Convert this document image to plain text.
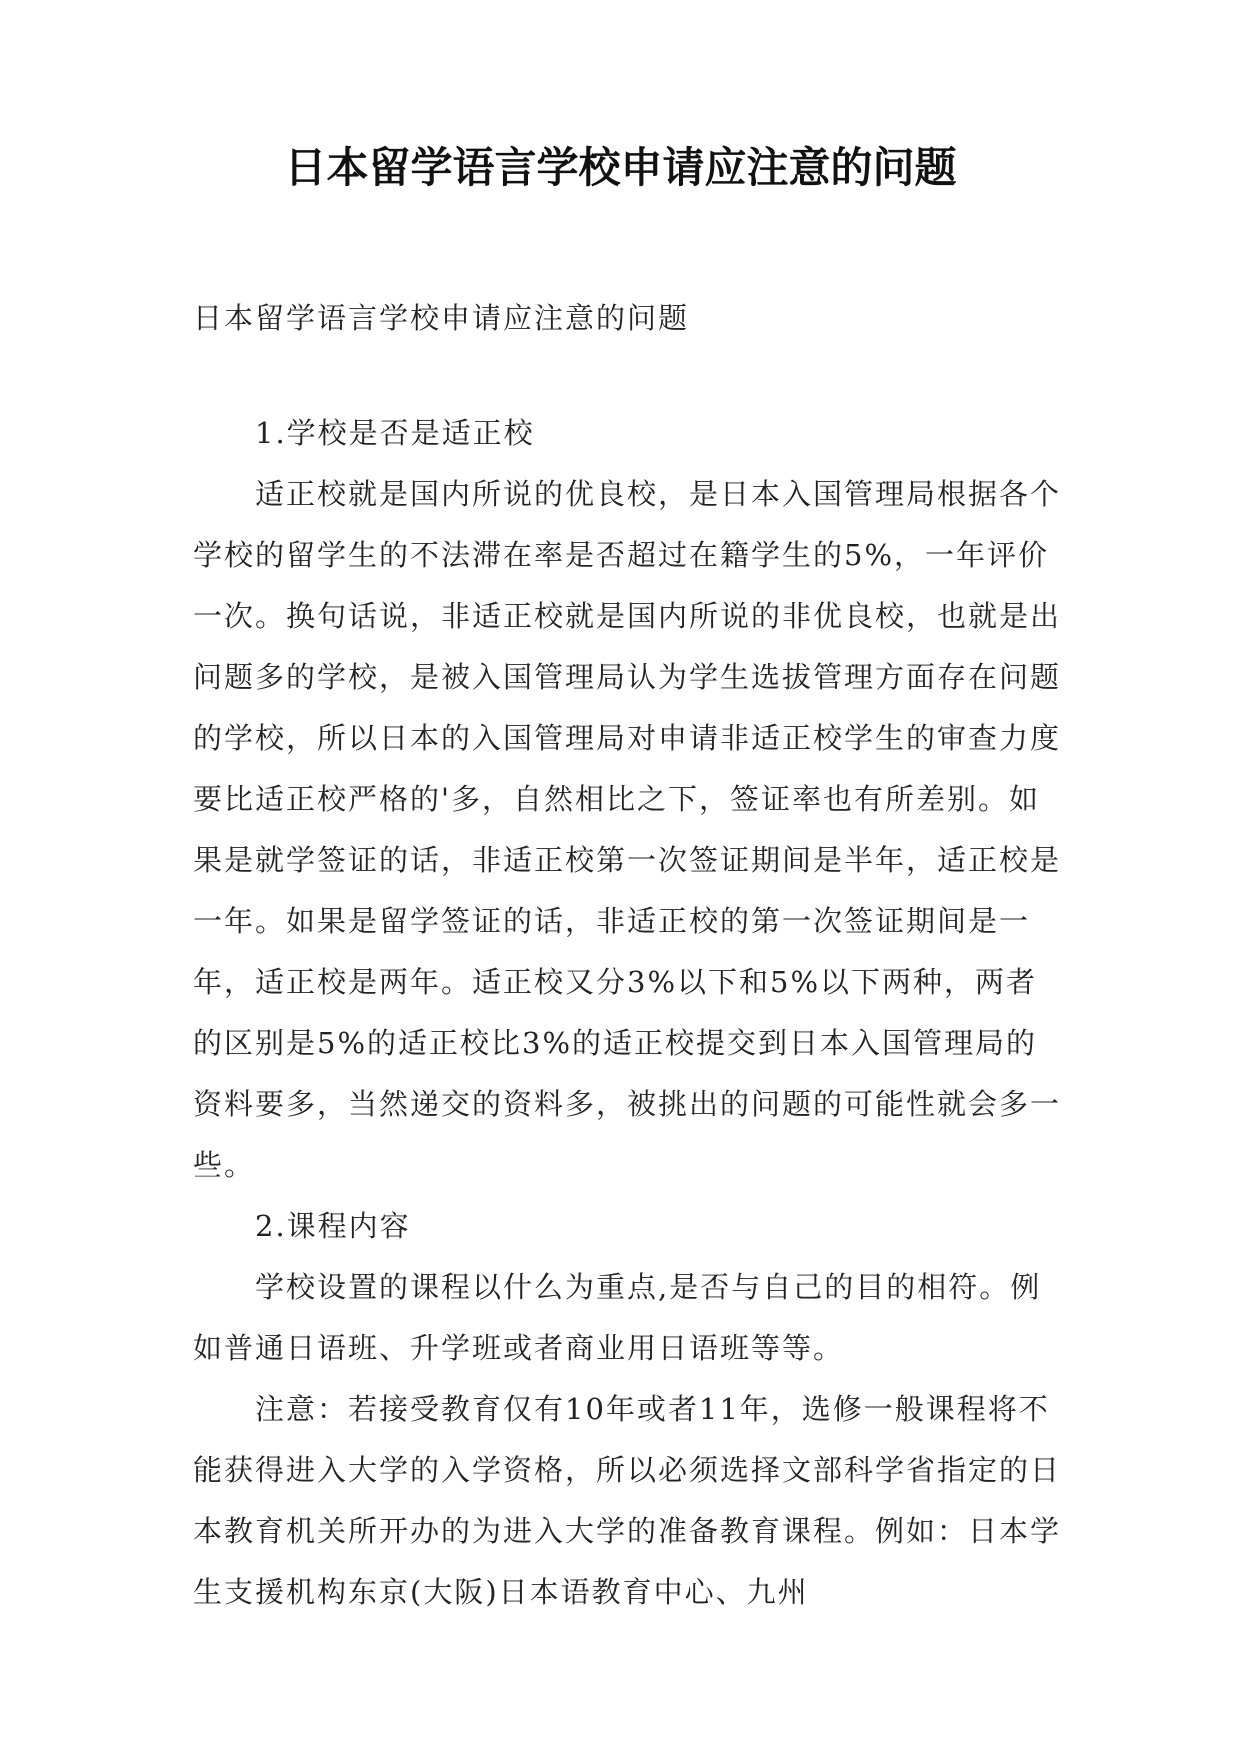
日本留学语言学校申请应注意的问题

日本留学语言学校申请应注意的问题

1.学校是否是适正校

适正校就是国内所说的优良校，是日本入国管理局根据各个学校的留学生的不法滞在率是否超过在籍学生的5%，一年评价一次。换句话说，非适正校就是国内所说的非优良校，也就是出问题多的学校，是被入国管理局认为学生选拔管理方面存在问题的学校，所以日本的入国管理局对申请非适正校学生的审查力度要比适正校严格的'多，自然相比之下，签证率也有所差别。如果是就学签证的话，非适正校第一次签证期间是半年，适正校是一年。如果是留学签证的话，非适正校的第一次签证期间是一年，适正校是两年。适正校又分3%以下和5%以下两种，两者的区别是5%的适正校比3%的适正校提交到日本入国管理局的资料要多，当然递交的资料多，被挑出的问题的可能性就会多一些。

2.课程内容

学校设置的课程以什么为重点,是否与自己的目的相符。例如普通日语班、升学班或者商业用日语班等等。

注意：若接受教育仅有10年或者11年，选修一般课程将不能获得进入大学的入学资格，所以必须选择文部科学省指定的日本教育机关所开办的为进入大学的准备教育课程。例如：日本学生支援机构东京(大阪)日本语教育中心、九州
